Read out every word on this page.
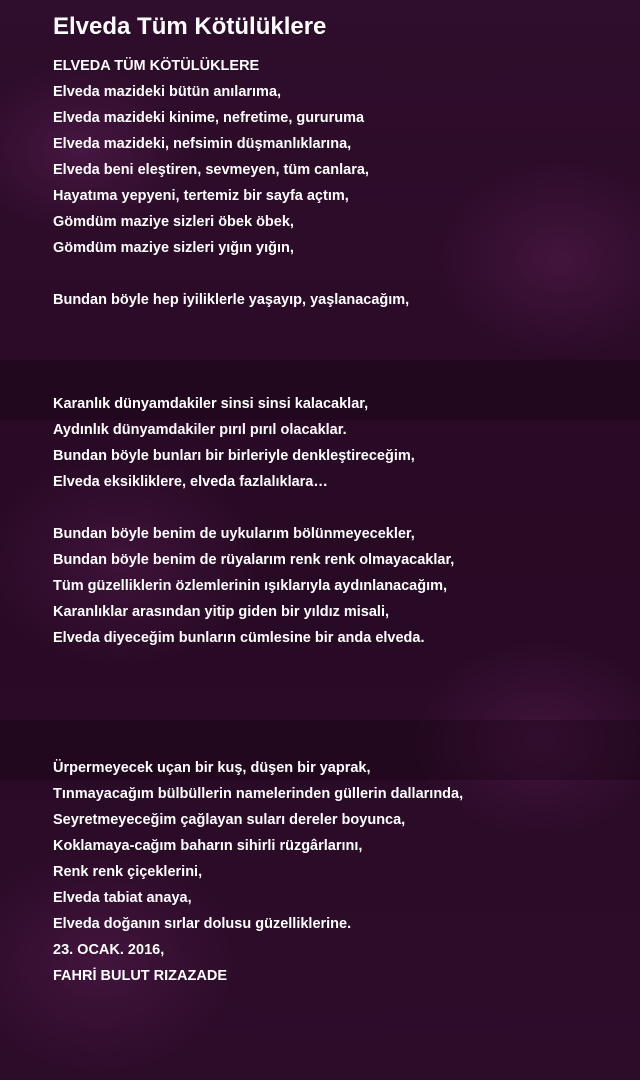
Elveda Tüm Kötülüklere
ELVEDA TÜM KÖTÜLÜKLERE
Elveda mazideki bütün anılarıma,
Elveda mazideki kinime, nefretime, gururuma
Elveda mazideki, nefsimin düşmanlıklarına,
Elveda beni eleştiren, sevmeyen, tüm canlara,
Hayatıma yepyeni, tertemiz bir sayfa açtım,
Gömdüm maziye sizleri öbek öbek,
Gömdüm maziye sizleri yığın yığın,
Bundan böyle hep iyiliklerle yaşayıp, yaşlanacağım,
Karanlık dünyamdakiler sinsi sinsi kalacaklar,
Aydınlık dünyamdakiler pırıl pırıl olacaklar.
Bundan böyle bunları bir birleriyle denkleştireceğim,
Elveda eksikliklere, elveda fazlalıklara…
Bundan böyle benim de uykularım bölünmeyecekler,
Bundan böyle benim de rüyalarım renk renk olmayacaklar,
Tüm güzelliklerin özlemlerinin ışıklarıyla aydınlanacağım,
Karanlıklar arasından yitip giden bir yıldız misali,
Elveda diyeceğim bunların cümlesine bir anda elveda.
Ürpermeyecek uçan bir kuş, düşen bir yaprak,
Tınmayacağım bülbüllerin namelerinden güllerin dallarında,
Seyretmeyeceğim çağlayan suları dereler boyunca,
Koklamaya-cağım baharın sihirli rüzgârlarını,
Renk renk çiçeklerini,
Elveda tabiat anaya,
Elveda doğanın sırlar dolusu güzelliklerine.
23. OCAK. 2016,
FAHRİ BULUT RIZAZADE
